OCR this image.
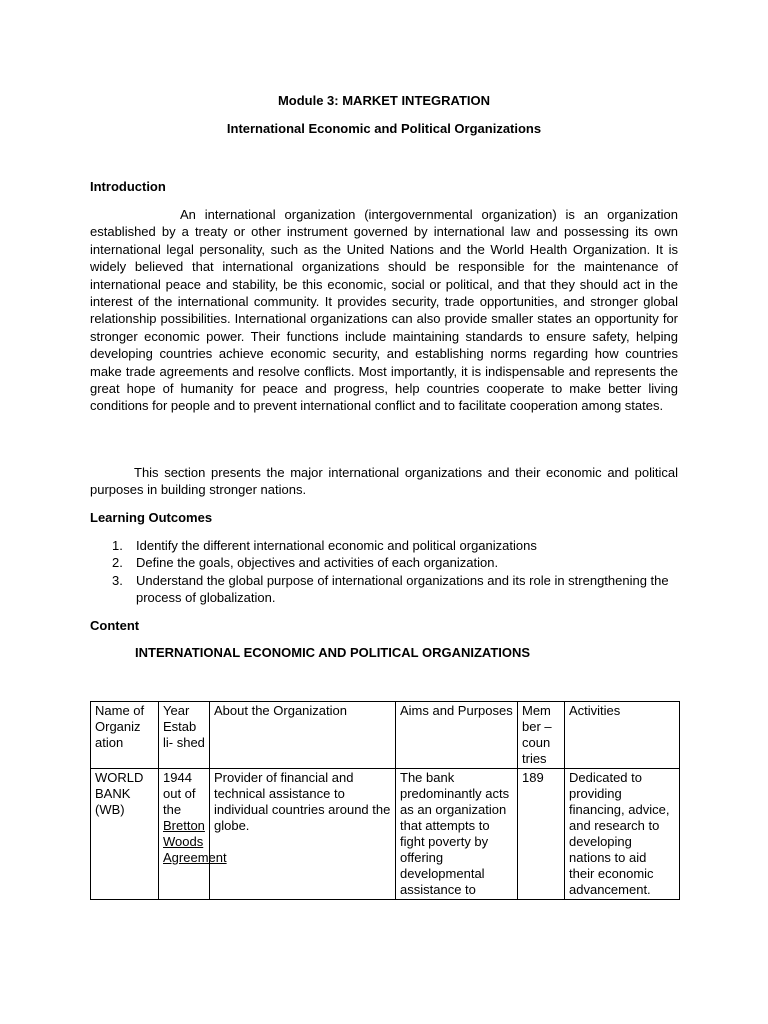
Module 3: MARKET INTEGRATION
International Economic and Political Organizations
Introduction
An international organization (intergovernmental organization) is an organization established by a treaty or other instrument governed by international law and possessing its own international legal personality, such as the United Nations and the World Health Organization. It is widely believed that international organizations should be responsible for the maintenance of international peace and stability, be this economic, social or political, and that they should act in the interest of the international community. It provides security, trade opportunities, and stronger global relationship possibilities. International organizations can also provide smaller states an opportunity for stronger economic power. Their functions include maintaining standards to ensure safety, helping developing countries achieve economic security, and establishing norms regarding how countries make trade agreements and resolve conflicts. Most importantly, it is indispensable and represents the great hope of humanity for peace and progress, help countries cooperate to make better living conditions for people and to prevent international conflict and to facilitate cooperation among states.
This section presents the major international organizations and their economic and political purposes in building stronger nations.
Learning Outcomes
1. Identify the different international economic and political organizations
2. Define the goals, objectives and activities of each organization.
3. Understand the global purpose of international organizations and its role in strengthening the process of globalization.
Content
INTERNATIONAL ECONOMIC AND POLITICAL ORGANIZATIONS
Name of Organiz ation	Year Estab li- shed	About the Organization	Aims and Purposes	Mem ber – coun tries	Activities
WORLD BANK (WB)	1944 out of the Bretton Woods Agreement	Provider of financial and technical assistance to individual countries around the globe.	The bank predominantly acts as an organization that attempts to fight poverty by offering developmental assistance to	189	Dedicated to providing financing, advice, and research to developing nations to aid their economic advancement.
